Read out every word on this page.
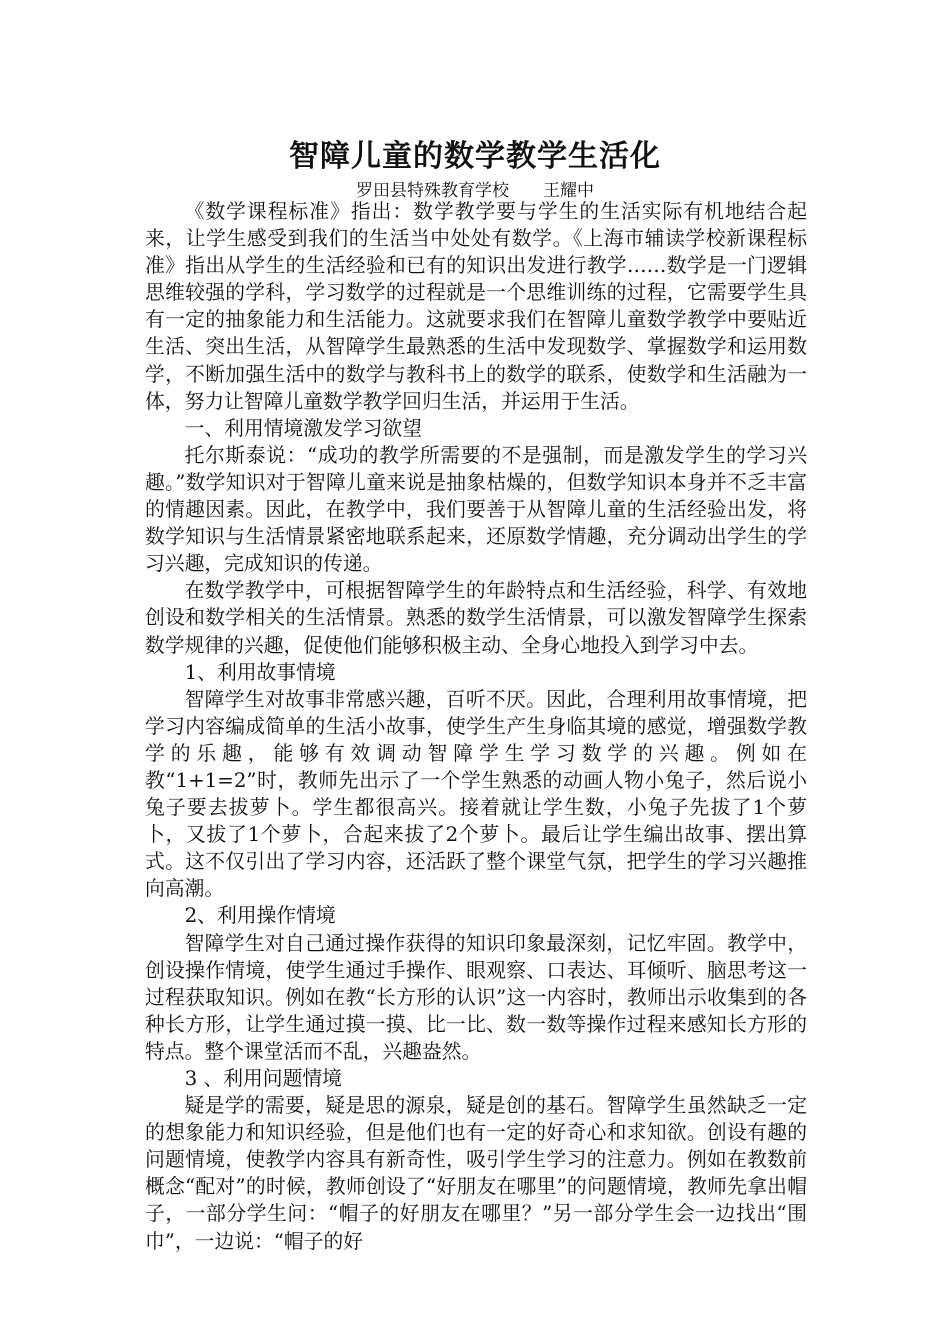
智障儿童的数学教学生活化
罗田县特殊教育学校 王耀中

《数学课程标准》指出：数学教学要与学生的生活实际有机地结合起来，让学生感受到我们的生活当中处处有数学。《上海市辅读学校新课程标准》指出从学生的生活经验和已有的知识出发进行教学……数学是一门逻辑思维较强的学科，学习数学的过程就是一个思维训练的过程，它需要学生具有一定的抽象能力和生活能力。这就要求我们在智障儿童数学教学中要贴近生活、突出生活，从智障学生最熟悉的生活中发现数学、掌握数学和运用数学，不断加强生活中的数学与教科书上的数学的联系，使数学和生活融为一体，努力让智障儿童数学教学回归生活，并运用于生活。

一、利用情境激发学习欲望

托尔斯泰说：“成功的教学所需要的不是强制，而是激发学生的学习兴趣。”数学知识对于智障儿童来说是抽象枯燥的，但数学知识本身并不乏丰富的情趣因素。因此，在教学中，我们要善于从智障儿童的生活经验出发，将数学知识与生活情景紧密地联系起来，还原数学情趣，充分调动出学生的学习兴趣，完成知识的传递。

在数学教学中，可根据智障学生的年龄特点和生活经验，科学、有效地创设和数学相关的生活情景。熟悉的数学生活情景，可以激发智障学生探索数学规律的兴趣，促使他们能够积极主动、全身心地投入到学习中去。

1、利用故事情境

智障学生对故事非常感兴趣，百听不厌。因此，合理利用故事情境，把学习内容编成简单的生活小故事，使学生产生身临其境的感觉，增强数学教学的乐趣，能够有效调动智障学生学习数学的兴趣。例如在教“1+1=2”时，教师先出示了一个学生熟悉的动画人物小兔子，然后说小兔子要去拔萝卜。学生都很高兴。接着就让学生数，小兔子先拔了1个萝卜，又拔了1个萝卜，合起来拔了2个萝卜。最后让学生编出故事、摆出算式。这不仅引出了学习内容，还活跃了整个课堂气氛，把学生的学习兴趣推向高潮。

2、利用操作情境

智障学生对自己通过操作获得的知识印象最深刻，记忆牢固。教学中，创设操作情境，使学生通过手操作、眼观察、口表达、耳倾听、脑思考这一过程获取知识。例如在教“长方形的认识”这一内容时，教师出示收集到的各种长方形，让学生通过摸一摸、比一比、数一数等操作过程来感知长方形的特点。整个课堂活而不乱，兴趣盎然。

3 、利用问题情境

疑是学的需要，疑是思的源泉，疑是创的基石。智障学生虽然缺乏一定的想象能力和知识经验，但是他们也有一定的好奇心和求知欲。创设有趣的问题情境，使教学内容具有新奇性，吸引学生学习的注意力。例如在教数前概念“配对”的时候，教师创设了“好朋友在哪里”的问题情境，教师先拿出帽子，一部分学生问：“帽子的好朋友在哪里？”另一部分学生会一边找出“围巾”，一边说：“帽子的好
